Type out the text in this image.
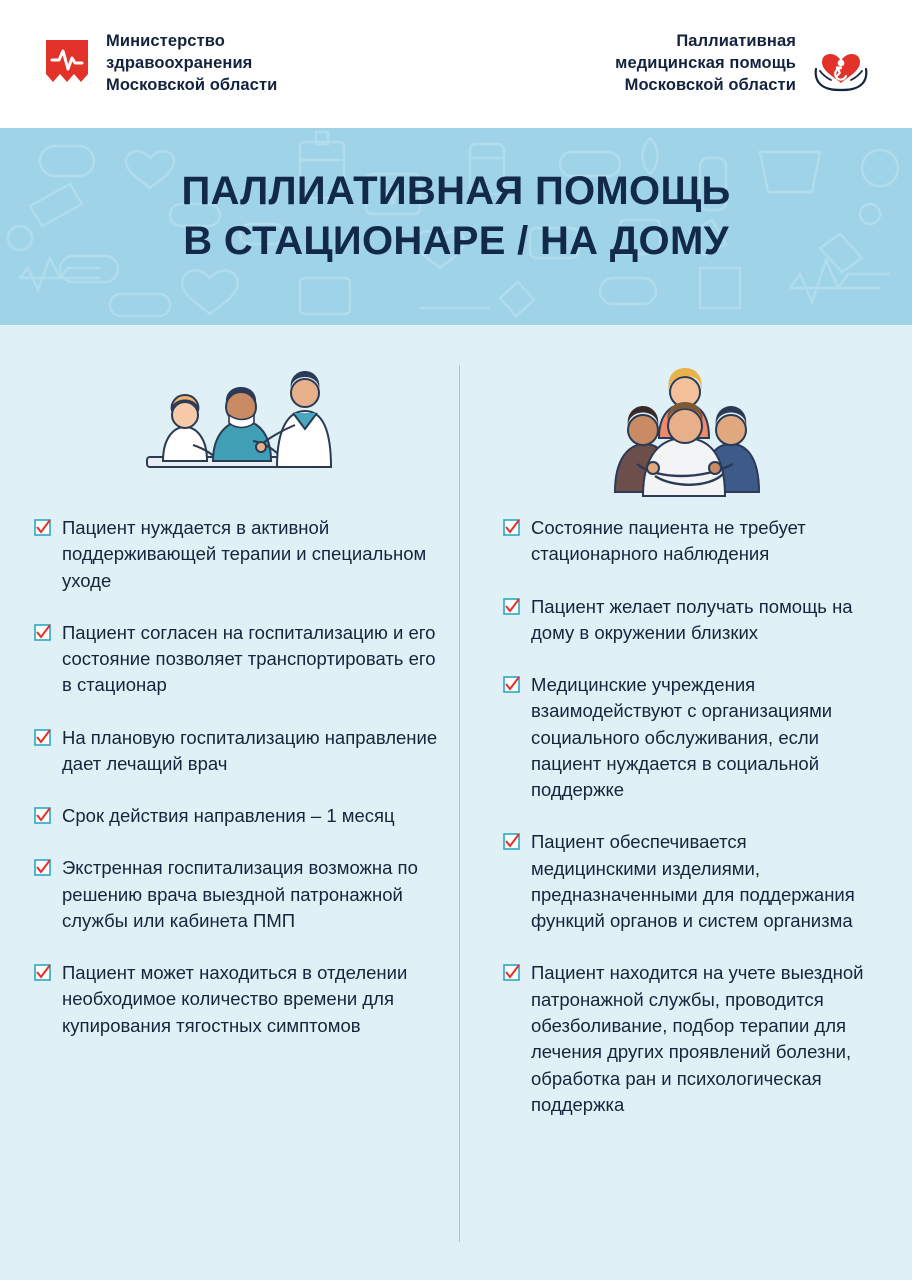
Министерство
здравоохранения
Московской области
Паллиативная
медицинская помощь
Московской области
ПАЛЛИАТИВНАЯ ПОМОЩЬ
В СТАЦИОНАРЕ / НА ДОМУ
Пациент нуждается в активной поддерживающей терапии и специальном уходе
Пациент согласен на госпитализацию и его состояние позволяет транспортировать его в стационар
На плановую госпитализацию направление дает лечащий врач
Срок действия направления – 1 месяц
Экстренная госпитализация возможна по решению врача выездной патронажной службы или кабинета ПМП
Пациент может находиться в отделении необходимое количество времени для купирования тягостных симптомов
Состояние пациента не требует стационарного наблюдения
Пациент желает получать помощь на дому в окружении близких
Медицинские учреждения взаимодействуют с организациями социального обслуживания, если пациент нуждается в социальной поддержке
Пациент обеспечивается медицинскими изделиями, предназначенными для поддержания функций органов и систем организма
Пациент находится на учете выездной патронажной службы, проводится обезболивание, подбор терапии для лечения других проявлений болезни, обработка ран и психологическая поддержка
